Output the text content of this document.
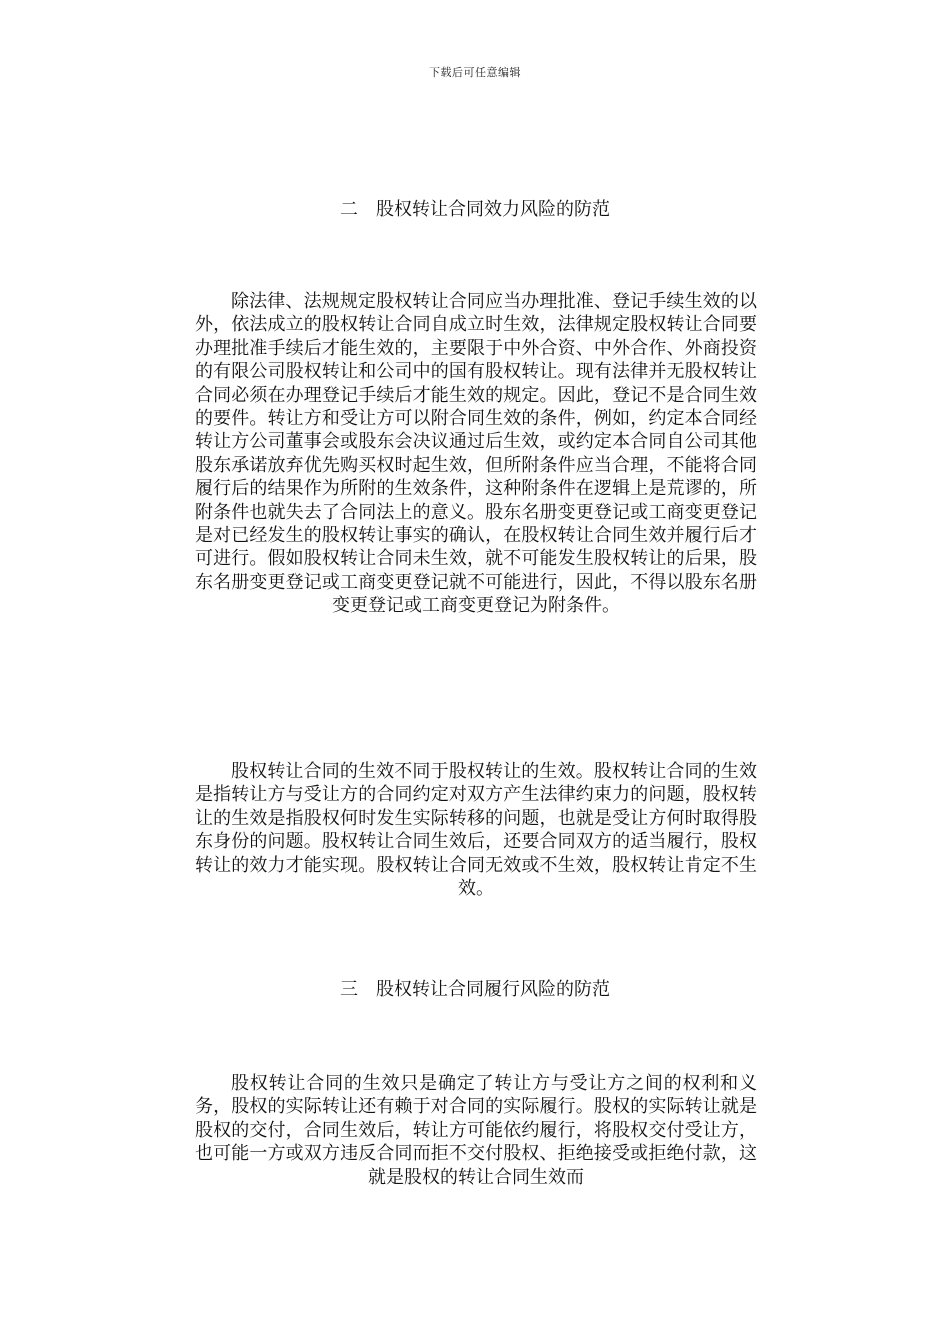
下载后可任意编辑
二　股权转让合同效力风险的防范

除法律、法规规定股权转让合同应当办理批准、登记手续生效的以外，依法成立的股权转让合同自成立时生效，法律规定股权转让合同要办理批准手续后才能生效的，主要限于中外合资、中外合作、外商投资的有限公司股权转让和公司中的国有股权转让。现有法律并无股权转让合同必须在办理登记手续后才能生效的规定。因此，登记不是合同生效的要件。转让方和受让方可以附合同生效的条件，例如，约定本合同经转让方公司董事会或股东会决议通过后生效，或约定本合同自公司其他股东承诺放弃优先购买权时起生效，但所附条件应当合理，不能将合同履行后的结果作为所附的生效条件，这种附条件在逻辑上是荒谬的，所附条件也就失去了合同法上的意义。股东名册变更登记或工商变更登记是对已经发生的股权转让事实的确认，在股权转让合同生效并履行后才可进行。假如股权转让合同未生效，就不可能发生股权转让的后果，股东名册变更登记或工商变更登记就不可能进行，因此，不得以股东名册变更登记或工商变更登记为附条件。

股权转让合同的生效不同于股权转让的生效。股权转让合同的生效是指转让方与受让方的合同约定对双方产生法律约束力的问题，股权转让的生效是指股权何时发生实际转移的问题，也就是受让方何时取得股东身份的问题。股权转让合同生效后，还要合同双方的适当履行，股权转让的效力才能实现。股权转让合同无效或不生效，股权转让肯定不生效。

三　股权转让合同履行风险的防范

股权转让合同的生效只是确定了转让方与受让方之间的权利和义务，股权的实际转让还有赖于对合同的实际履行。股权的实际转让就是股权的交付，合同生效后，转让方可能依约履行，将股权交付受让方，也可能一方或双方违反合同而拒不交付股权、拒绝接受或拒绝付款，这就是股权的转让合同生效而
